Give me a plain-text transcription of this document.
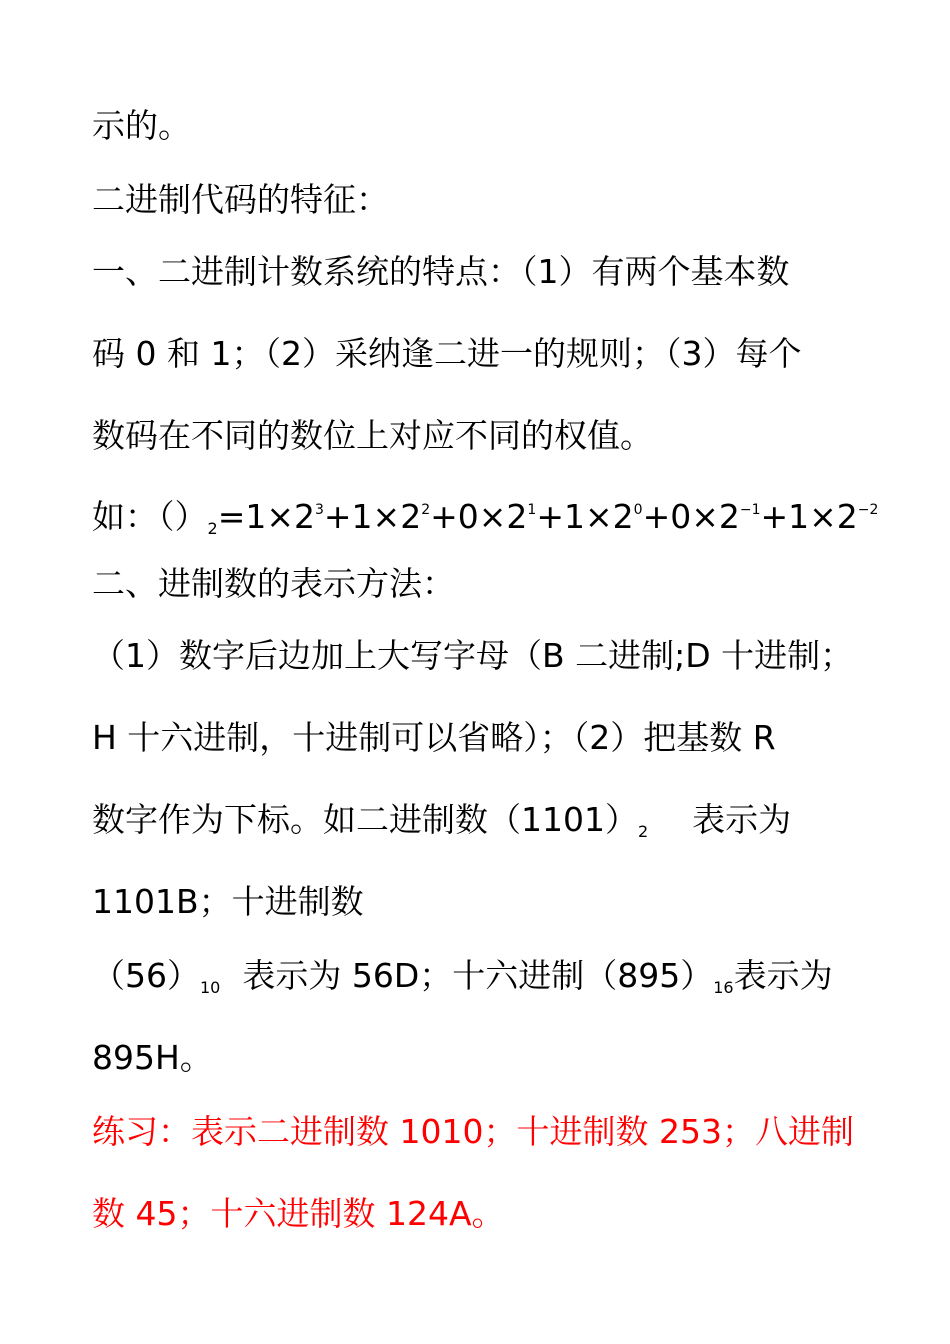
示的。
二进制代码的特征：
一、二进制计数系统的特点：（1）有两个基本数
码 0 和 1；（2）采纳逢二进一的规则；（3）每个
数码在不同的数位上对应不同的权值。
如：$()_2=1\times 2^3+1\times 2^2+0\times 2^1+1\times 2^0+0\times 2^{-1}+1\times 2^{-2}$
二、进制数的表示方法：
（1）数字后边加上大写字母（B 二进制;D 十进制；
H 十六进制，十进制可以省略）；（2）把基数 R
数字作为下标。如二进制数$(1101)_2$ 表示为
1101B；十进制数
$(56)_{10}$ 表示为 56D；十六进制$(895)_{16}$表示为
895H。
练习：表示二进制数 1010；十进制数 253；八进制
数 45；十六进制数 124A。
